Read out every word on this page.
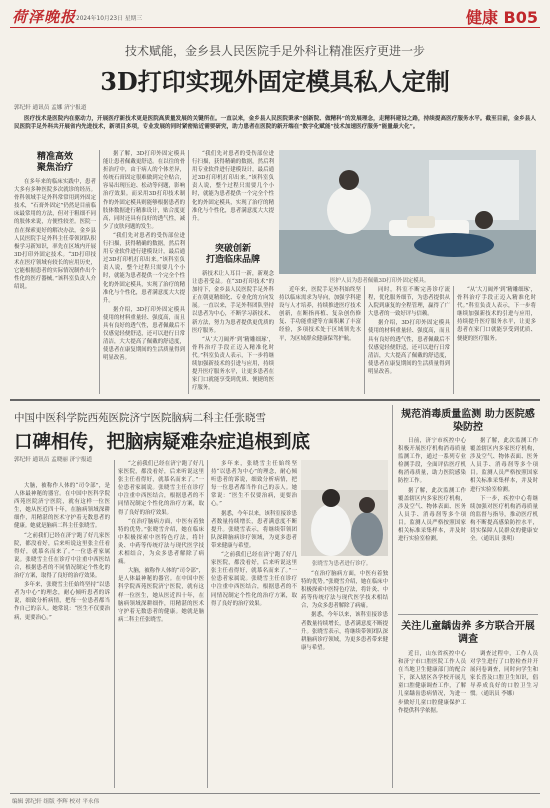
荷泽晚报 2024年10月23日 星期三	健康 B05
技术赋能，金乡县人民医院手足外科让精准医疗更进一步
3D打印实现外固定模具私人定制
郭纪轩 通讯员 孟娜 济宁报道
医疗技术是医院内在驱动力，开展医疗新技术更是医院高质量发展的关键所在。一直以来，金乡县人民医院秉承“创新院、做精科”的发展理念，走精科建设之路，持续提高医疗服务水平。截至目前，金乡县人民医院手足外科共开展省内先进技术，新项目多项，专业发展的同时紧密贴近需要研究，助力患者在医院的新开端在“数字化赋能”技术加速医疗服务“能量最大化”。
精准高效
聚焦治疗

在多年来的临床实践中，患者大多有多种医院多次就诊的经历。骨科领域手足外科常常用到外固定技术，“石膏外固定”仍然是目前临床最常用的方法，但对于粗细不同的肢体来说，方便性较差。医院一直在探索更好的解决办法，金乡县人民医院手足外科主任带领团队积极学习新知识，率先在区域内开展3D打印外固定技术。“3D打印技术在医疗领域有较长的应用历史，它能根据患者的实际情况制作出个性化的医疗器械。”该科室负责人介绍说。

据了解，3D打印外固定模具能让患者佩戴更舒适。在以往的骨折治疗中，由于病人的个体差异，传统石膏固定很难做到完全贴合，容易出现压迫、松动等问题，影响治疗效果。而采用3D打印技术制作的外固定模具则能够根据患者的肢体数据进行精准设计，贴合度更高，同时还具有良好的透气性，减少了皮肤问题的发生。

“我们先对患者的受伤部位进行扫描，获得精确的数据，然后利用专业软件进行建模设计，最后通过3D打印机打印出来。”该科室负责人说，整个过程只需要几个小时，就能为患者提供一个完全个性化的外固定模具，实现了治疗的精准化与个性化，患者满意度大大提升。

据介绍，3D打印外固定模具使用的材料重量轻、强度高，而且具有良好的透气性，患者佩戴后不仅感觉轻便舒适，还可以进行日常清洁，大大提高了佩戴的舒适度，使患者在康复期间的生活质量得到明显改善。

“我们先对患者的受伤部位进行扫描，获得精确的数据，然后利用专业软件进行建模设计，最后通过3D打印机打印出来。”该科室负责人说，整个过程只需要几个小时，就能为患者提供一个完全个性化的外固定模具，实现了治疗的精准化与个性化，患者满意度大大提升。

突破创新
打造临床品牌

新技术让人耳目一新，新观念让患者受益。在“3D打印技术”的加持下，金乡县人民医院手足外科正在朝更精细化、专业化的方向发展。一直以来，手足外科团队坚持以患者为中心，不断学习新技术、新方法，努力为患者提供更优质的医疗服务。

“从‘大刀阔斧’到‘精雕细琢’，骨科治疗手段正迈入精准化时代。”科室负责人表示，下一步将继续加强新技术的引进与应用，持续提升医疗服务水平，让更多患者在家门口就能享受到优质、便捷的医疗服务。

医护人员为患者佩戴3D打印外固定模具。

近年来，医院手足外科始终坚持以临床需求为导向，加强学科建设与人才培养，持续推进医疗技术创新，在断指再植、复杂创伤修复、手功能重建等方面积累了丰富经验，多项技术处于区域领先水平，为区域群众健康保驾护航。

同时，科室不断完善诊疗流程，优化服务细节，为患者提供从入院到康复的全程管理，赢得了广大患者的一致好评与信赖。

据介绍，3D打印外固定模具使用的材料重量轻、强度高，而且具有良好的透气性，患者佩戴后不仅感觉轻便舒适，还可以进行日常清洁，大大提高了佩戴的舒适度，使患者在康复期间的生活质量得到明显改善。

“从‘大刀阔斧’到‘精雕细琢’，骨科治疗手段正迈入精准化时代。”科室负责人表示，下一步将继续加强新技术的引进与应用，持续提升医疗服务水平，让更多患者在家门口就能享受到优质、便捷的医疗服务。

中国中医科学院西苑医院济宁医院脑病二科主任张晓雪
口碑相传，把脑病疑难杂症追根到底
郭纪轩 通讯员 孟晓丽 济宁报道

大脑，被称作人体的“司令部”，是人体最神秘的器官。在中国中医科学院西苑医院济宁医院，就有这样一位医生，她从医近四十年，在脑病领域深耕细作，用精湛的医术守护着无数患者的健康。她就是脑病二科主任张晓雪。

“之前我们已经在济宁跑了好几家医院，都没看好，后来听说这里张主任看得好，就慕名而来了。”一位患者家属说。张晓雪主任在诊疗中注重中西医结合，根据患者的不同情况制定个性化的治疗方案，取得了良好的治疗效果。

多年来，张晓雪主任始终坚持“以患者为中心”的理念，耐心倾听患者的诉说，细致分析病情，把每一位患者都当作自己的亲人。她常说：“医生不仅要治病，更要治心。”

“之前我们已经在济宁跑了好几家医院，都没看好，后来听说这里张主任看得好，就慕名而来了。”一位患者家属说。张晓雪主任在诊疗中注重中西医结合，根据患者的不同情况制定个性化的治疗方案，取得了良好的治疗效果。

“在治疗脑病方面，中医有着独特的优势。”张晓雪介绍，她在临床中积极探索中医特色疗法，将针灸、中药等传统疗法与现代医学技术相结合，为众多患者解除了病痛。

大脑，被称作人体的“司令部”，是人体最神秘的器官。在中国中医科学院西苑医院济宁医院，就有这样一位医生，她从医近四十年，在脑病领域深耕细作，用精湛的医术守护着无数患者的健康。她就是脑病二科主任张晓雪。

多年来，张晓雪主任始终坚持“以患者为中心”的理念，耐心倾听患者的诉说，细致分析病情，把每一位患者都当作自己的亲人。她常说：“医生不仅要治病，更要治心。”

据悉，今年以来，该科室接诊患者数量持续增长，患者满意度不断提升。张晓雪表示，将继续带领团队深耕脑病诊疗领域，为更多患者带来健康与希望。

“之前我们已经在济宁跑了好几家医院，都没看好，后来听说这里张主任看得好，就慕名而来了。”一位患者家属说。张晓雪主任在诊疗中注重中西医结合，根据患者的不同情况制定个性化的治疗方案，取得了良好的治疗效果。

张晓雪为患者进行诊疗。

“在治疗脑病方面，中医有着独特的优势。”张晓雪介绍，她在临床中积极探索中医特色疗法，将针灸、中药等传统疗法与现代医学技术相结合，为众多患者解除了病痛。

据悉，今年以来，该科室接诊患者数量持续增长，患者满意度不断提升。张晓雪表示，将继续带领团队深耕脑病诊疗领域，为更多患者带来健康与希望。

规范消毒质量监测 助力医院感染防控

日前，济宁市疾控中心积极开展医疗机构消毒质量监测工作，通过一系列专业检测手段，全面评估医疗机构消毒质量，助力医院感染防控工作。

据了解，此次监测工作覆盖辖区内多家医疗机构，涉及空气、物体表面、医务人员手、消毒剂等多个项目。监测人员严格按照国家相关标准采集样本，并及时进行实验室检测。

据了解，此次监测工作覆盖辖区内多家医疗机构，涉及空气、物体表面、医务人员手、消毒剂等多个项目。监测人员严格按照国家相关标准采集样本，并及时进行实验室检测。

下一步，疾控中心将继续加强对医疗机构消毒质量的监督与指导，推动医疗机构不断提高感染防控水平，切实保障人民群众的健康安全。（通讯员 张明）

关注儿童龋齿养 多方联合开展调查

近日，山东省疾控中心和济宁市口腔医院工作人员在当地卫生健康部门的配合下，深入辖区各学校开展儿童口腔健康调查工作，了解儿童龋齿患病情况，为进一步做好儿童口腔健康保护工作提供科学依据。

调查过程中，工作人员对学生进行了口腔检查并开展问卷调查，同时向学生和家长普及口腔卫生知识，倡导养成良好的口腔卫生习惯。（通讯员 李娜）

编辑 郭纪轩 组版 李辉 校对 平永伟
